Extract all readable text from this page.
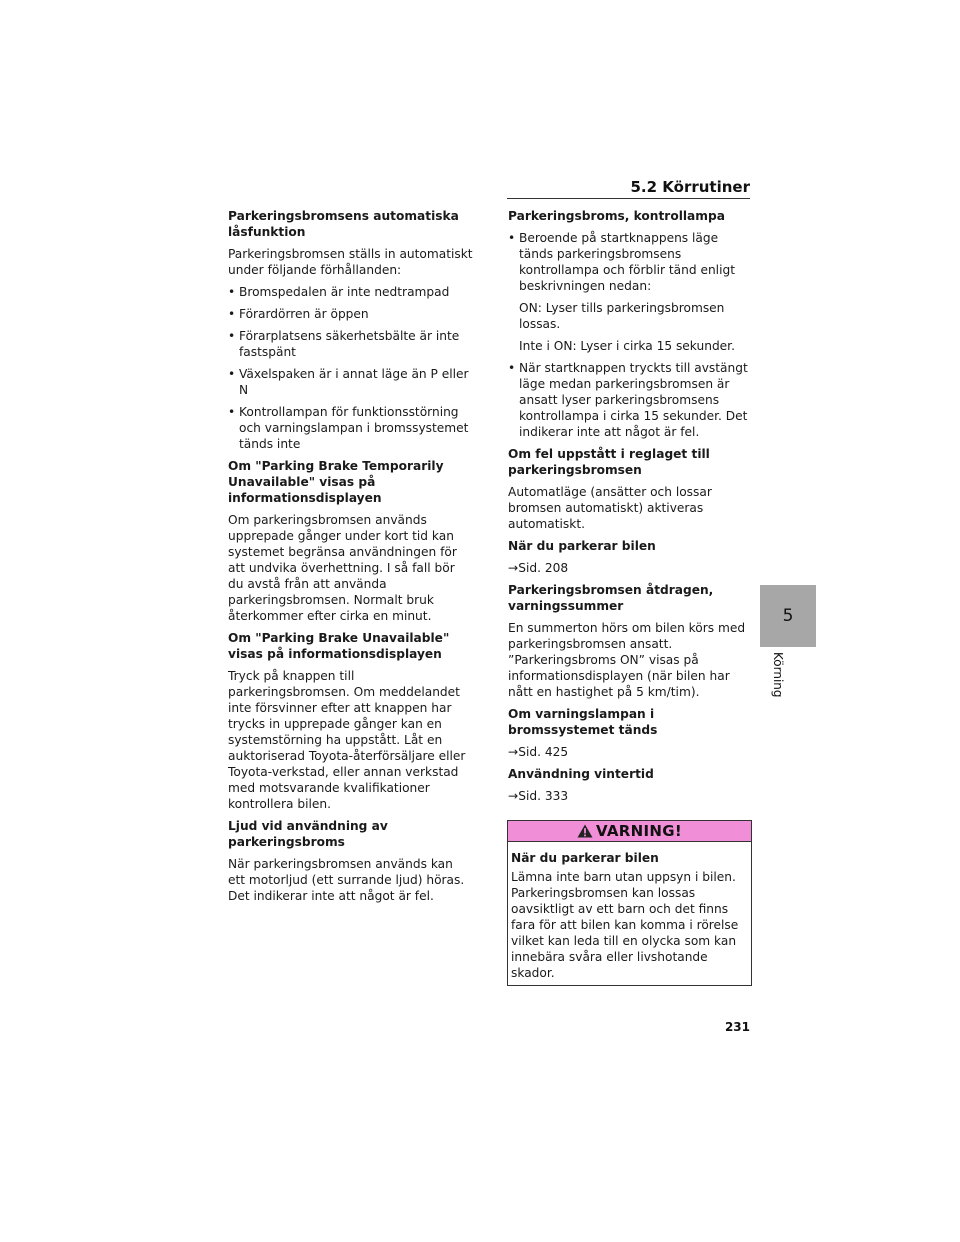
5.2 Körrutiner
Parkeringsbromsens automatiska låsfunktion
Parkeringsbromsen ställs in automatiskt under följande förhållanden:
• Bromspedalen är inte nedtrampad
• Förardörren är öppen
• Förarplatsens säkerhetsbälte är inte fastspänt
• Växelspaken är i annat läge än P eller N
• Kontrollampan för funktionsstörning och varningslampan i bromssystemet tänds inte
Om "Parking Brake Temporarily Unavailable" visas på informationsdisplayen
Om parkeringsbromsen används upprepade gånger under kort tid kan systemet begränsa användningen för att undvika överhettning. I så fall bör du avstå från att använda parkeringsbromsen. Normalt bruk återkommer efter cirka en minut.
Om "Parking Brake Unavailable" visas på informationsdisplayen
Tryck på knappen till parkeringsbromsen. Om meddelandet inte försvinner efter att knappen har trycks in upprepade gånger kan en systemstörning ha uppstått. Låt en auktoriserad Toyota-återförsäljare eller Toyota-verkstad, eller annan verkstad med motsvarande kvalifikationer kontrollera bilen.
Ljud vid användning av parkeringsbroms
När parkeringsbromsen används kan ett motorljud (ett surrande ljud) höras. Det indikerar inte att något är fel.
Parkeringsbroms, kontrollampa
• Beroende på startknappens läge tänds parkeringsbromsens kontrollampa och förblir tänd enligt beskrivningen nedan:
ON: Lyser tills parkeringsbromsen lossas.
Inte i ON: Lyser i cirka 15 sekunder.
• När startknappen tryckts till avstängt läge medan parkeringsbromsen är ansatt lyser parkeringsbromsens kontrollampa i cirka 15 sekunder. Det indikerar inte att något är fel.
Om fel uppstått i reglaget till parkeringsbromsen
Automatläge (ansätter och lossar bromsen automatiskt) aktiveras automatiskt.
När du parkerar bilen
→Sid. 208
Parkeringsbromsen åtdragen, varningssummer
En summerton hörs om bilen körs med parkeringsbromsen ansatt. ”Parkeringsbroms ON” visas på informationsdisplayen (när bilen har nått en hastighet på 5 km/tim).
Om varningslampan i bromssystemet tänds
→Sid. 425
Användning vintertid
→Sid. 333
VARNING!
När du parkerar bilen
Lämna inte barn utan uppsyn i bilen. Parkeringsbromsen kan lossas oavsiktligt av ett barn och det finns fara för att bilen kan komma i rörelse vilket kan leda till en olycka som kan innebära svåra eller livshotande skador.
5
Körning
231
